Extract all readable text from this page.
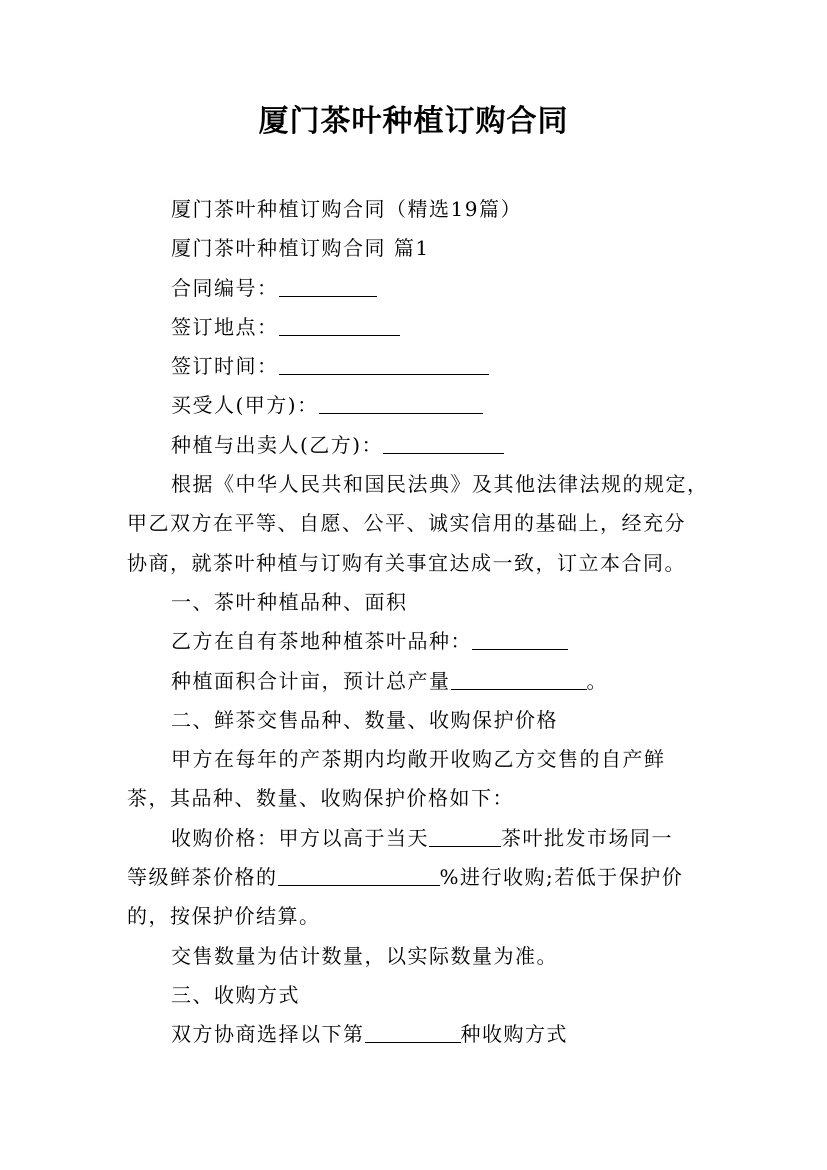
厦门茶叶种植订购合同

厦门茶叶种植订购合同（精选19篇）

厦门茶叶种植订购合同 篇1

合同编号：

签订地点：

签订时间：

买受人(甲方)：

种植与出卖人(乙方)：

根据《中华人民共和国民法典》及其他法律法规的规定，

甲乙双方在平等、自愿、公平、诚实信用的基础上，经充分

协商，就茶叶种植与订购有关事宜达成一致，订立本合同。

一、茶叶种植品种、面积

乙方在自有茶地种植茶叶品种：

种植面积合计亩，预计总产量	。

二、鲜茶交售品种、数量、收购保护价格

甲方在每年的产茶期内均敞开收购乙方交售的自产鲜

茶，其品种、数量、收购保护价格如下：

收购价格：甲方以高于当天	茶叶批发市场同一

等级鲜茶价格的	%进行收购;若低于保护价

的，按保护价结算。

交售数量为估计数量，以实际数量为准。

三、收购方式

双方协商选择以下第	种收购方式
